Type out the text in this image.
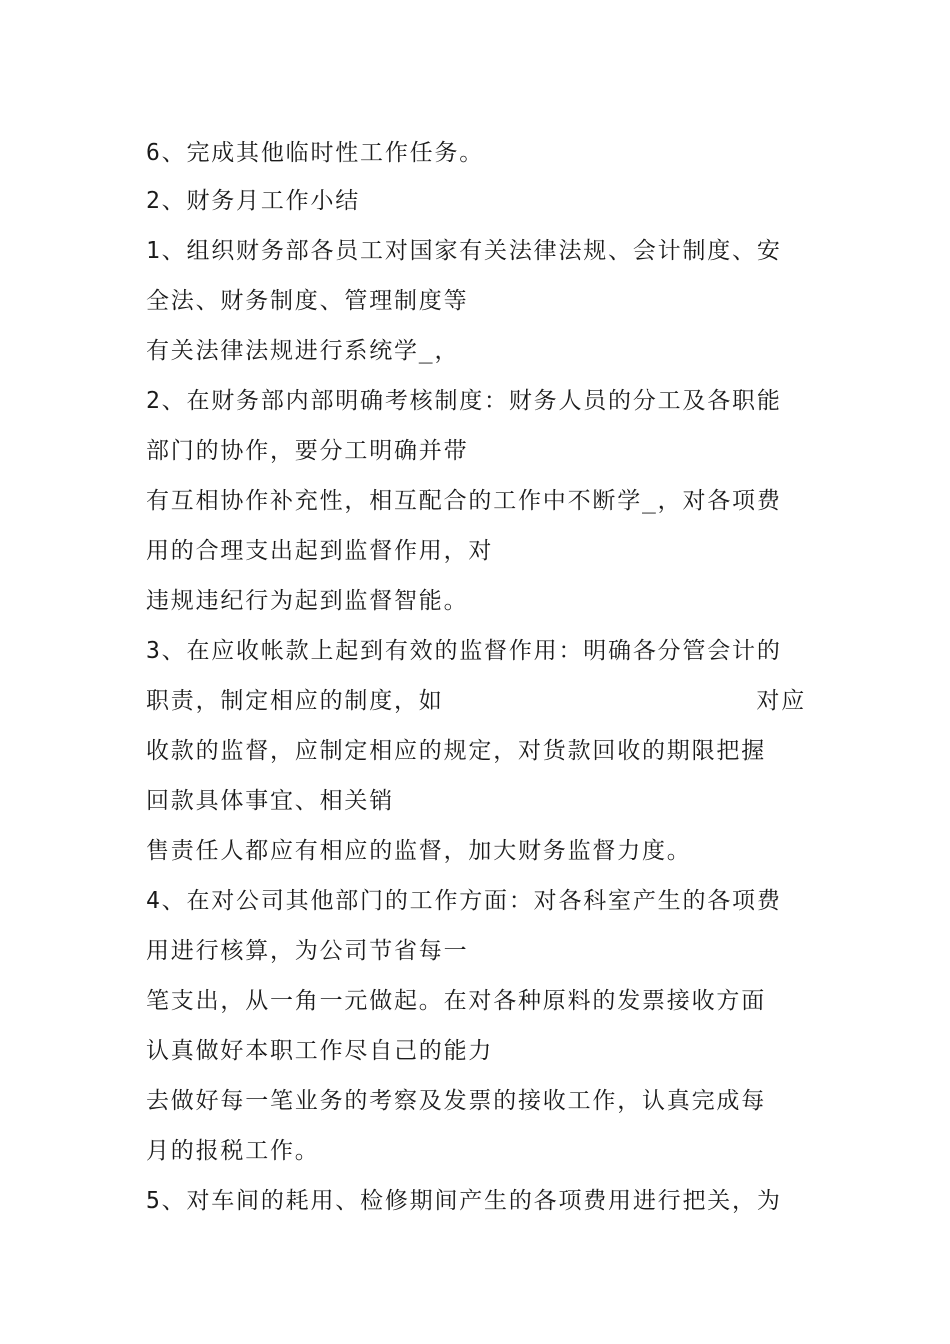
6、完成其他临时性工作任务。

2、财务月工作小结

1、组织财务部各员工对国家有关法律法规、会计制度、安

全法、财务制度、管理制度等

有关法律法规进行系统学_，

2、在财务部内部明确考核制度：财务人员的分工及各职能

部门的协作，要分工明确并带

有互相协作补充性，相互配合的工作中不断学_，对各项费

用的合理支出起到监督作用，对

违规违纪行为起到监督智能。

3、在应收帐款上起到有效的监督作用：明确各分管会计的

职责，制定相应的制度，如	对应

收款的监督，应制定相应的规定，对货款回收的期限把握

回款具体事宜、相关销

售责任人都应有相应的监督，加大财务监督力度。

4、在对公司其他部门的工作方面：对各科室产生的各项费

用进行核算，为公司节省每一

笔支出，从一角一元做起。在对各种原料的发票接收方面

认真做好本职工作尽自己的能力

去做好每一笔业务的考察及发票的接收工作，认真完成每

月的报税工作。

5、对车间的耗用、检修期间产生的各项费用进行把关，为
